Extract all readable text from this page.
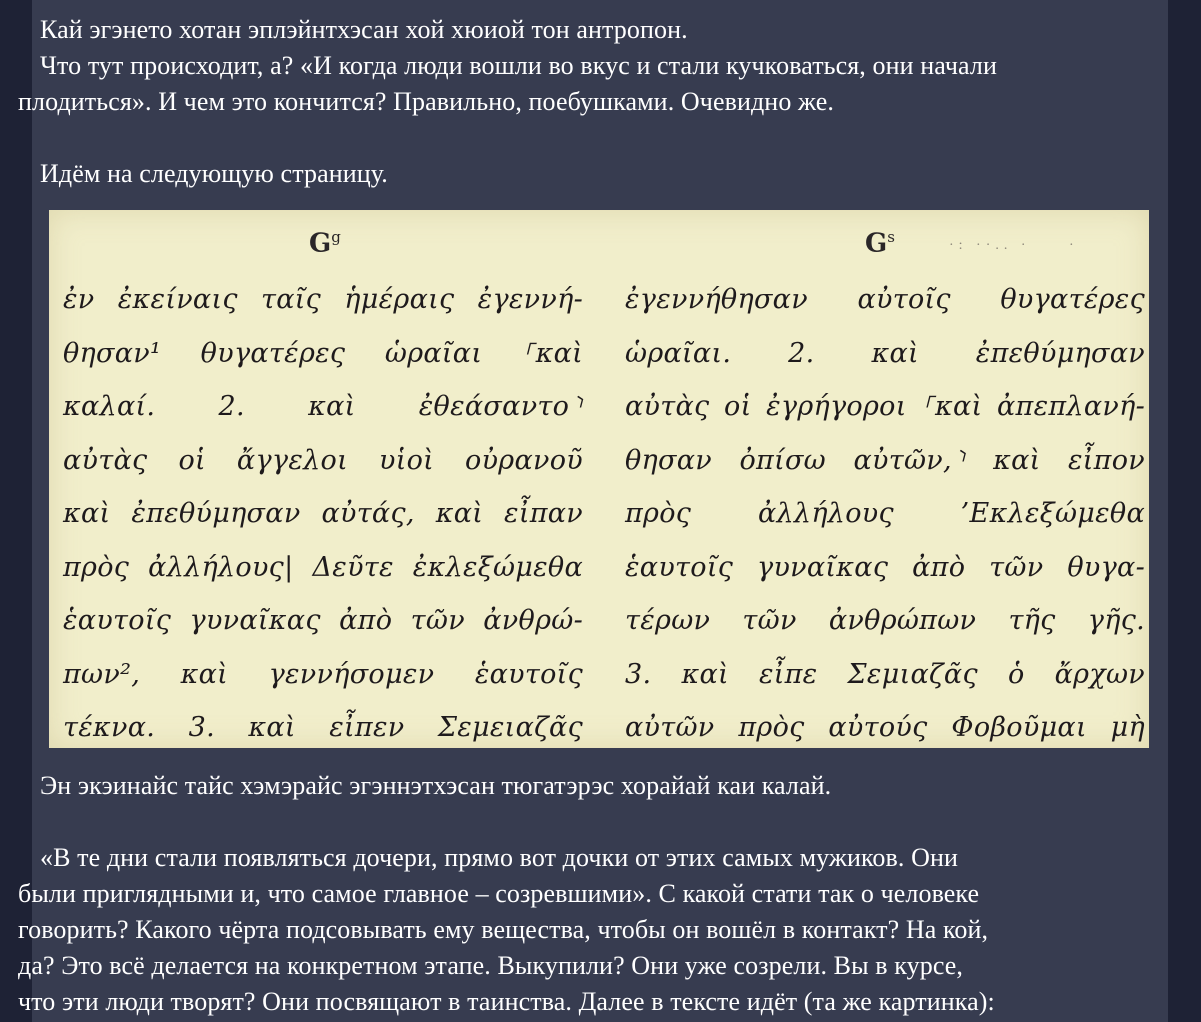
Кай эгэнето хотан эплэйнтхэсан хой хюиой тон антропон.

Что тут происходит, а? «И когда люди вошли во вкус и стали кучковаться, они начали

плодиться». И чем это кончится? Правильно, поебушками. Очевидно же.

Идём на следующую страницу.

$G^g$
ἐν ἐκείναις ταῖς ἡμέραις ἐγεννή-
θησαν¹ θυγατέρες ὡραῖαι ⸀καὶ
καλαί. 2. καὶ ἐθεάσαντο⸃
αὐτὰς οἱ ἄγγελοι υἱοὶ οὐρανοῦ
καὶ ἐπεθύμησαν αὐτάς, καὶ εἶπαν
πρὸς ἀλλήλους| Δεῦτε ἐκλεξώμεθα
ἑαυτοῖς γυναῖκας ἀπὸ τῶν ἀνθρώ-
πων², καὶ γεννήσομεν ἑαυτοῖς
τέκνα. 3. καὶ εἶπεν Σεμειαζᾶς
$G^s$
ἐγεννήθησαν αὐτοῖς θυγατέρες
ὡραῖαι. 2. καὶ ἐπεθύμησαν
αὐτὰς οἱ ἐγρήγοροι ⸀καὶ ἀπεπλανή-
θησαν ὀπίσω αὐτῶν,⸃ καὶ εἶπον
πρὸς ἀλλήλους ’Εκλεξώμεθα
ἑαυτοῖς γυναῖκας ἀπὸ τῶν θυγα-
τέρων τῶν ἀνθρώπων τῆς γῆς.
3. καὶ εἶπε Σεμιαζᾶς ὁ ἄρχων
αὐτῶν πρὸς αὐτούς Φοβοῦμαι μὴ
·: ··.. ·	·

Эн экэинайс тайс хэмэрайс эгэннэтхэсан тюгатэрэс хорайай каи калай.

«В те дни стали появляться дочери, прямо вот дочки от этих самых мужиков. Они

были приглядными и, что самое главное – созревшими». С какой стати так о человеке

говорить? Какого чёрта подсовывать ему вещества, чтобы он вошёл в контакт? На кой,

да? Это всё делается на конкретном этапе. Выкупили? Они уже созрели. Вы в курсе,

что эти люди творят? Они посвящают в таинства. Далее в тексте идёт (та же картинка):
